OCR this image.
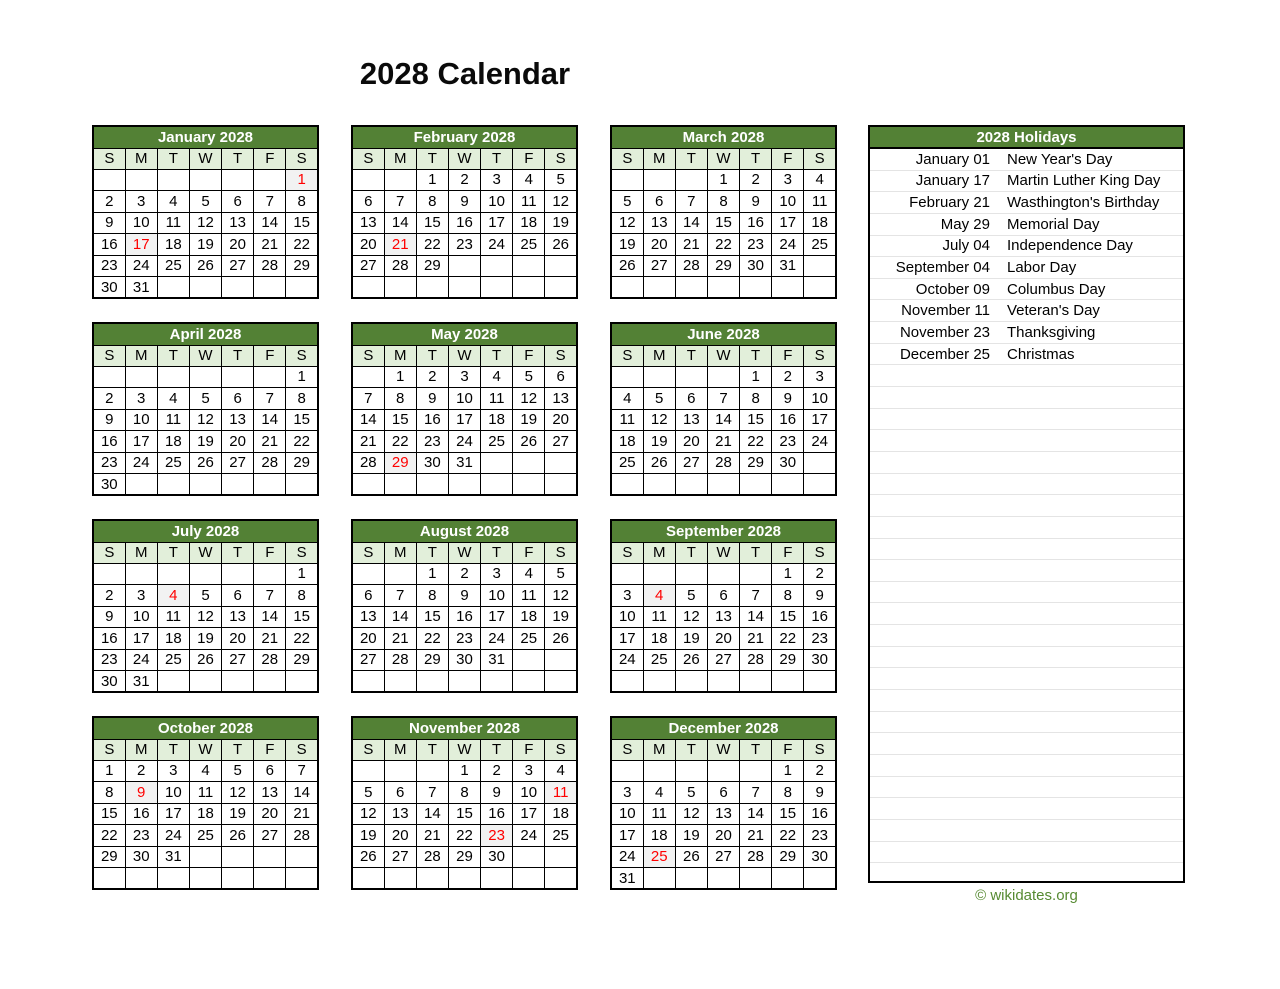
2028 Calendar
January 2028						
S	M	T	W	T	F	S
						1
2	3	4	5	6	7	8
9	10	11	12	13	14	15
16	17	18	19	20	21	22
23	24	25	26	27	28	29
30	31					
February 2028						
S	M	T	W	T	F	S
		1	2	3	4	5
6	7	8	9	10	11	12
13	14	15	16	17	18	19
20	21	22	23	24	25	26
27	28	29				

March 2028						
S	M	T	W	T	F	S
			1	2	3	4
5	6	7	8	9	10	11
12	13	14	15	16	17	18
19	20	21	22	23	24	25
26	27	28	29	30	31	

April 2028						
S	M	T	W	T	F	S
						1
2	3	4	5	6	7	8
9	10	11	12	13	14	15
16	17	18	19	20	21	22
23	24	25	26	27	28	29
30						
May 2028						
S	M	T	W	T	F	S
	1	2	3	4	5	6
7	8	9	10	11	12	13
14	15	16	17	18	19	20
21	22	23	24	25	26	27
28	29	30	31			

June 2028						
S	M	T	W	T	F	S
				1	2	3
4	5	6	7	8	9	10
11	12	13	14	15	16	17
18	19	20	21	22	23	24
25	26	27	28	29	30	

July 2028						
S	M	T	W	T	F	S
						1
2	3	4	5	6	7	8
9	10	11	12	13	14	15
16	17	18	19	20	21	22
23	24	25	26	27	28	29
30	31					
August 2028						
S	M	T	W	T	F	S
		1	2	3	4	5
6	7	8	9	10	11	12
13	14	15	16	17	18	19
20	21	22	23	24	25	26
27	28	29	30	31		

September 2028						
S	M	T	W	T	F	S
					1	2
3	4	5	6	7	8	9
10	11	12	13	14	15	16
17	18	19	20	21	22	23
24	25	26	27	28	29	30

October 2028						
S	M	T	W	T	F	S
1	2	3	4	5	6	7
8	9	10	11	12	13	14
15	16	17	18	19	20	21
22	23	24	25	26	27	28
29	30	31				

November 2028						
S	M	T	W	T	F	S
			1	2	3	4
5	6	7	8	9	10	11
12	13	14	15	16	17	18
19	20	21	22	23	24	25
26	27	28	29	30		

December 2028						
S	M	T	W	T	F	S
					1	2
3	4	5	6	7	8	9
10	11	12	13	14	15	16
17	18	19	20	21	22	23
24	25	26	27	28	29	30
31						
2028 Holidays
January 01 New Year's Day
January 17 Martin Luther King Day
February 21 Wasthington's Birthday
May 29 Memorial Day
July 04 Independence Day
September 04 Labor Day
October 09 Columbus Day
November 11 Veteran's Day
November 23 Thanksgiving
December 25 Christmas
© wikidates.org
